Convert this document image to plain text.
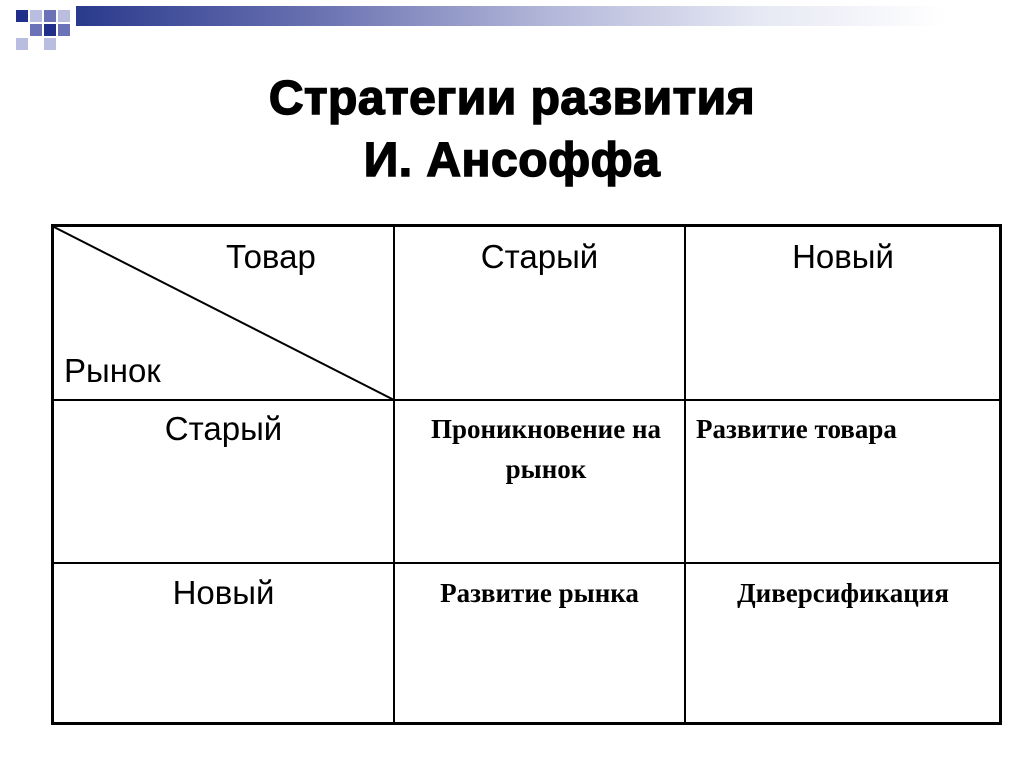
Стратегии развития
И. Ансоффа
Товар
Рынок
Старый	Новый
Старый
Новый
Проникновение на рынок
Развитие товара
Развитие рынка	Диверсификация
